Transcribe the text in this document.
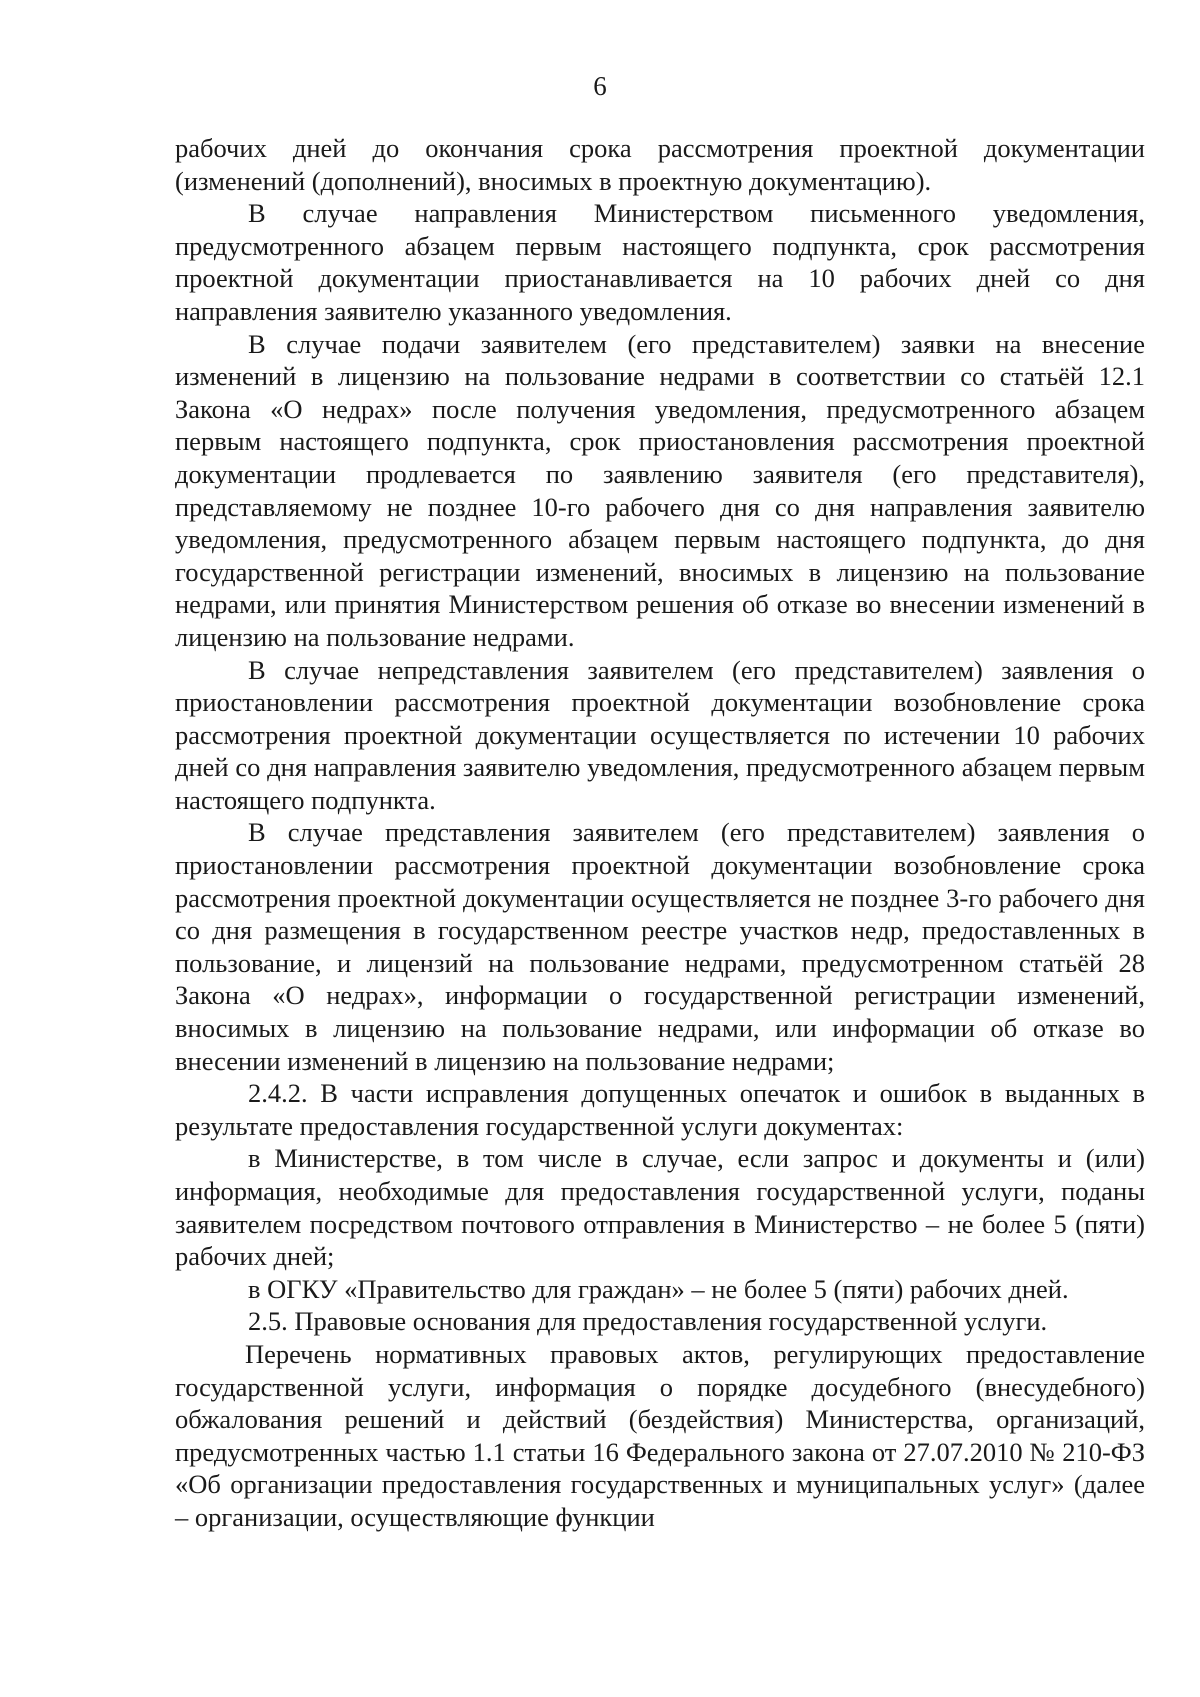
6

рабочих дней до окончания срока рассмотрения проектной документации (изменений (дополнений), вносимых в проектную документацию).

В случае направления Министерством письменного уведомления, предусмотренного абзацем первым настоящего подпункта, срок рассмотрения проектной документации приостанавливается на 10 рабочих дней со дня направления заявителю указанного уведомления.

В случае подачи заявителем (его представителем) заявки на внесение изменений в лицензию на пользование недрами в соответствии со статьёй 12.1 Закона «О недрах» после получения уведомления, предусмотренного абзацем первым настоящего подпункта, срок приостановления рассмотрения проектной документации продлевается по заявлению заявителя (его представителя), представляемому не позднее 10-го рабочего дня со дня направления заявителю уведомления, предусмотренного абзацем первым настоящего подпункта, до дня государственной регистрации изменений, вносимых в лицензию на пользование недрами, или принятия Министерством решения об отказе во внесении изменений в лицензию на пользование недрами.

В случае непредставления заявителем (его представителем) заявления о приостановлении рассмотрения проектной документации возобновление срока рассмотрения проектной документации осуществляется по истечении 10 рабочих дней со дня направления заявителю уведомления, предусмотренного абзацем первым настоящего подпункта.

В случае представления заявителем (его представителем) заявления о приостановлении рассмотрения проектной документации возобновление срока рассмотрения проектной документации осуществляется не позднее 3-го рабочего дня со дня размещения в государственном реестре участков недр, предоставленных в пользование, и лицензий на пользование недрами, предусмотренном статьёй 28 Закона «О недрах», информации о государственной регистрации изменений, вносимых в лицензию на пользование недрами, или информации об отказе во внесении изменений в лицензию на пользование недрами;

2.4.2. В части исправления допущенных опечаток и ошибок в выданных в результате предоставления государственной услуги документах:

в Министерстве, в том числе в случае, если запрос и документы и (или) информация, необходимые для предоставления государственной услуги, поданы заявителем посредством почтового отправления в Министерство – не более 5 (пяти) рабочих дней;

в ОГКУ «Правительство для граждан» – не более 5 (пяти) рабочих дней.

2.5. Правовые основания для предоставления государственной услуги.

Перечень нормативных правовых актов, регулирующих предоставление государственной услуги, информация о порядке досудебного (внесудебного) обжалования решений и действий (бездействия) Министерства, организаций, предусмотренных частью 1.1 статьи 16 Федерального закона от 27.07.2010 № 210-ФЗ «Об организации предоставления государственных и муниципальных услуг» (далее – организации, осуществляющие функции
